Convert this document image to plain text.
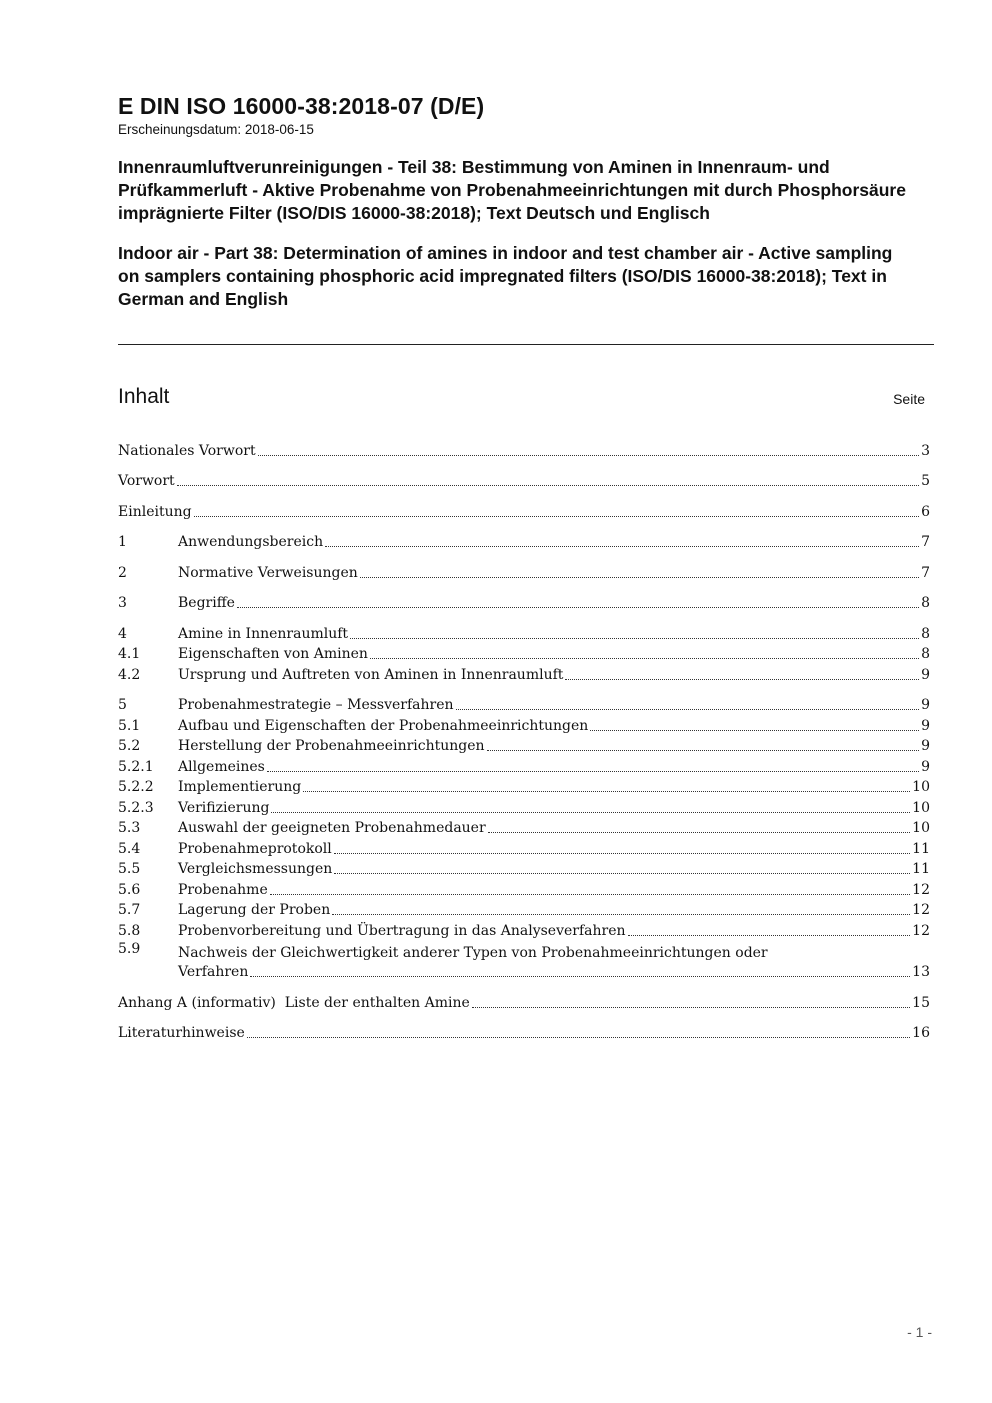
E DIN ISO 16000-38:2018-07 (D/E)

Erscheinungsdatum: 2018-06-15

Innenraumluftverunreinigungen - Teil 38: Bestimmung von Aminen in Innenraum- und Prüfkammerluft - Aktive Probenahme von Probenahmeeinrichtungen mit durch Phosphorsäure imprägnierte Filter (ISO/DIS 16000-38:2018); Text Deutsch und Englisch

Indoor air - Part 38: Determination of amines in indoor and test chamber air - Active sampling on samplers containing phosphoric acid impregnated filters (ISO/DIS 16000-38:2018); Text in German and English

Inhalt	Seite
Nationales Vorwort	3
Vorwort	5
Einleitung	6
1	Anwendungsbereich	7
2	Normative Verweisungen	7
3	Begriffe	8
4	Amine in Innenraumluft	8
4.1	Eigenschaften von Aminen	8
4.2	Ursprung und Auftreten von Aminen in Innenraumluft	9
5	Probenahmestrategie – Messverfahren	9
5.1	Aufbau und Eigenschaften der Probenahmeeinrichtungen	9
5.2	Herstellung der Probenahmeeinrichtungen	9
5.2.1	Allgemeines	9
5.2.2	Implementierung	10
5.2.3	Verifizierung	10
5.3	Auswahl der geeigneten Probenahmedauer	10
5.4	Probenahmeprotokoll	11
5.5	Vergleichsmessungen	11
5.6	Probenahme	12
5.7	Lagerung der Proben	12
5.8	Probenvorbereitung und Übertragung in das Analyseverfahren	12
5.9	Nachweis der Gleichwertigkeit anderer Typen von Probenahmeeinrichtungen oder
Verfahren	13
Anhang A (informativ)  Liste der enthalten Amine	15
Literaturhinweise	16
- 1 -
